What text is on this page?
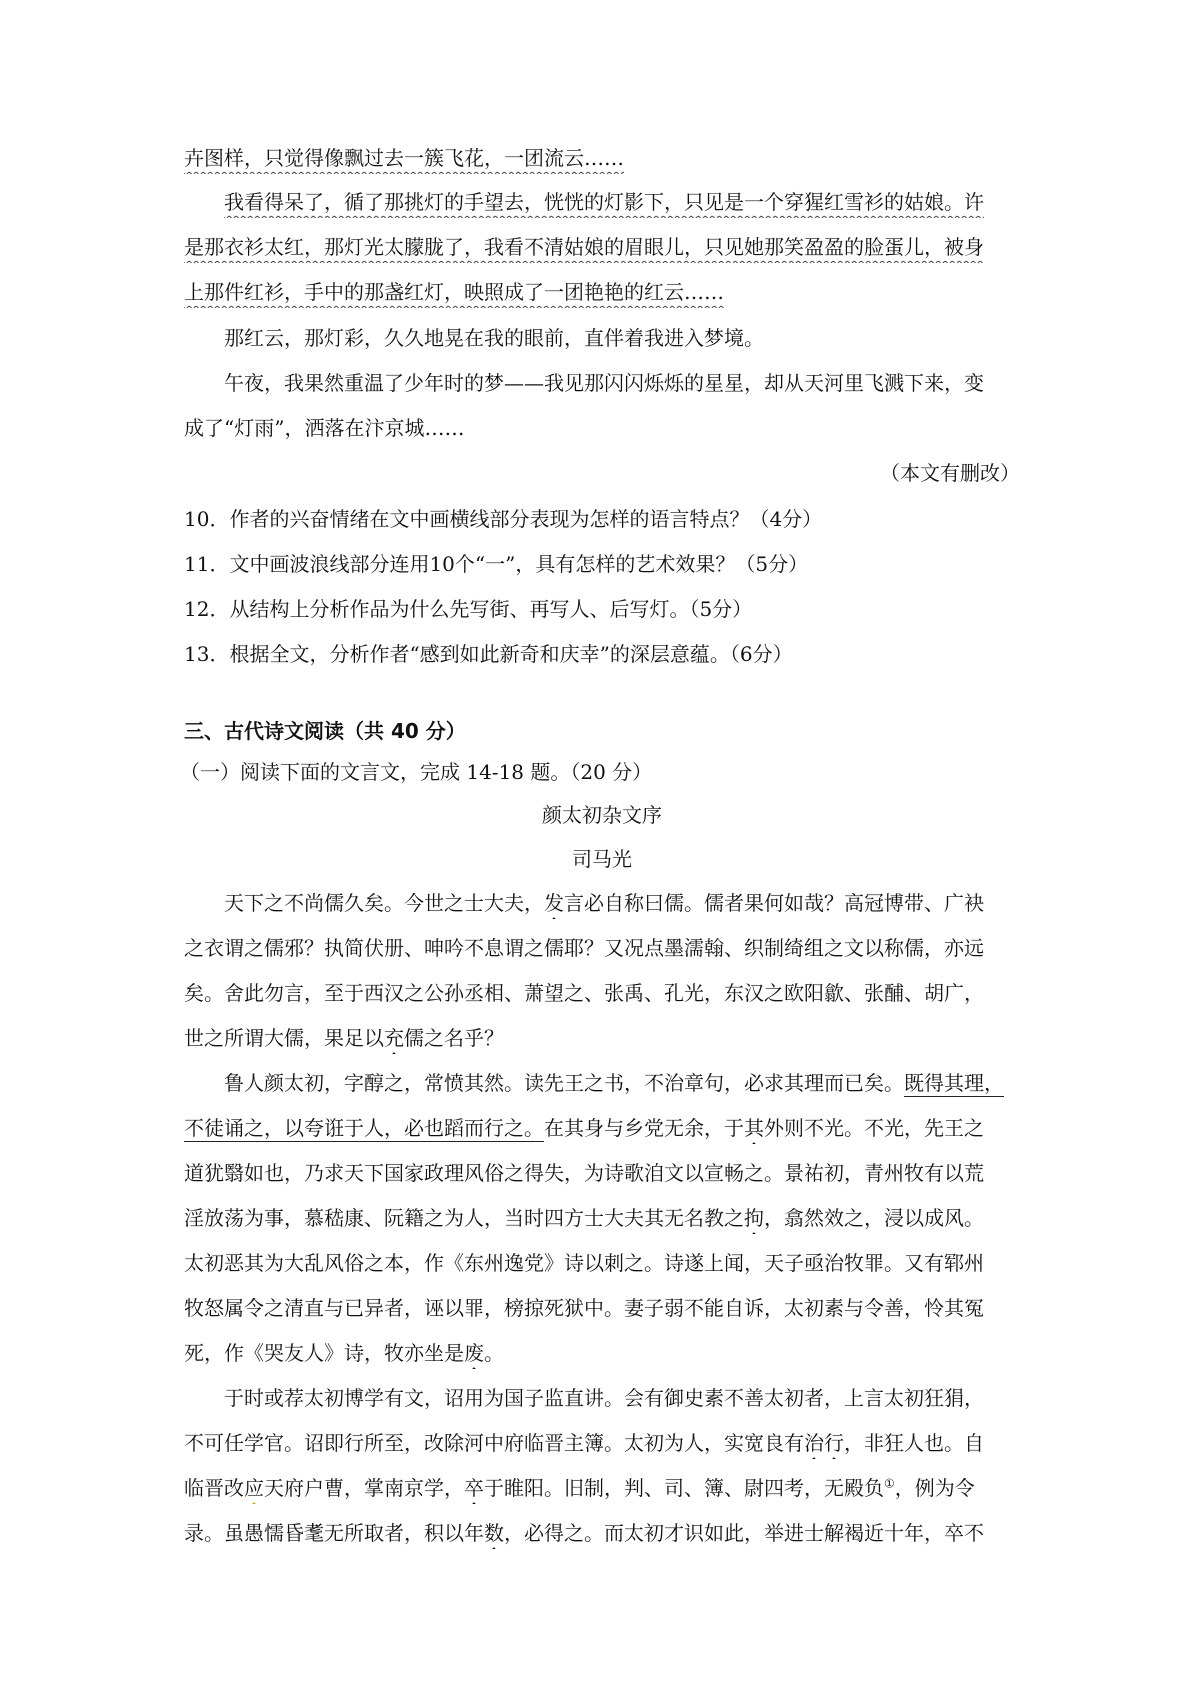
卉图样，只觉得像飘过去一簇飞花，一团流云……
我看得呆了，循了那挑灯的手望去，恍恍的灯影下，只见是一个穿猩红雪衫的姑娘。许
是那衣衫太红，那灯光太朦胧了，我看不清姑娘的眉眼儿，只见她那笑盈盈的脸蛋儿，被身
上那件红衫，手中的那盏红灯，映照成了一团艳艳的红云……
那红云，那灯彩，久久地晃在我的眼前，直伴着我进入梦境。
午夜，我果然重温了少年时的梦——我见那闪闪烁烁的星星，却从天河里飞溅下来，变
成了“灯雨”，洒落在汴京城……
（本文有删改）
10．作者的兴奋情绪在文中画横线部分表现为怎样的语言特点？（4分）
11．文中画波浪线部分连用10个“一”，具有怎样的艺术效果？（5分）
12．从结构上分析作品为什么先写街、再写人、后写灯。（5分）
13．根据全文，分析作者“感到如此新奇和庆幸”的深层意蕴。（6分）
三、古代诗文阅读（共 40 分）
（一）阅读下面的文言文，完成 14-18 题。（20 分）
颜太初杂文序
司马光
天下之不尚儒久矣。今世之士大夫，发言必自称曰儒。儒者果何如哉？高冠博带、广袂
之衣谓之儒邪？执简伏册、呻吟不息谓之儒耶？又况点墨濡翰、织制绮组之文以称儒，亦远
矣。舍此勿言，至于西汉之公孙丞相、萧望之、张禹、孔光，东汉之欧阳歙、张酺、胡广，
世之所谓大儒，果足以充儒之名乎？
鲁人颜太初，字醇之，常愤其然。读先王之书，不治章句，必求其理而已矣。既得其理，
不徒诵之，以夸诳于人，必也蹈而行之。在其身与乡党无余，于其外则不光。不光，先王之
道犹翳如也，乃求天下国家政理风俗之得失，为诗歌洎文以宣畅之。景祐初，青州牧有以荒
淫放荡为事，慕嵇康、阮籍之为人，当时四方士大夫其无名教之拘，翕然效之，浸以成风。
太初恶其为大乱风俗之本，作《东州逸党》诗以刺之。诗遂上闻，天子亟治牧罪。又有郓州
牧怒属令之清直与已异者，诬以罪，榜掠死狱中。妻子弱不能自诉，太初素与令善，怜其冤
死，作《哭友人》诗，牧亦坐是废。
于时或荐太初博学有文，诏用为国子监直讲。会有御史素不善太初者，上言太初狂狷，
不可任学官。诏即行所至，改除河中府临晋主簿。太初为人，实宽良有治行，非狂人也。自
临晋改应天府户曹，掌南京学，卒于睢阳。旧制，判、司、簿、尉四考，无殿负①，例为令
录。虽愚懦昏耄无所取者，积以年数，必得之。而太初才识如此，举进士解褐近十年，卒不
